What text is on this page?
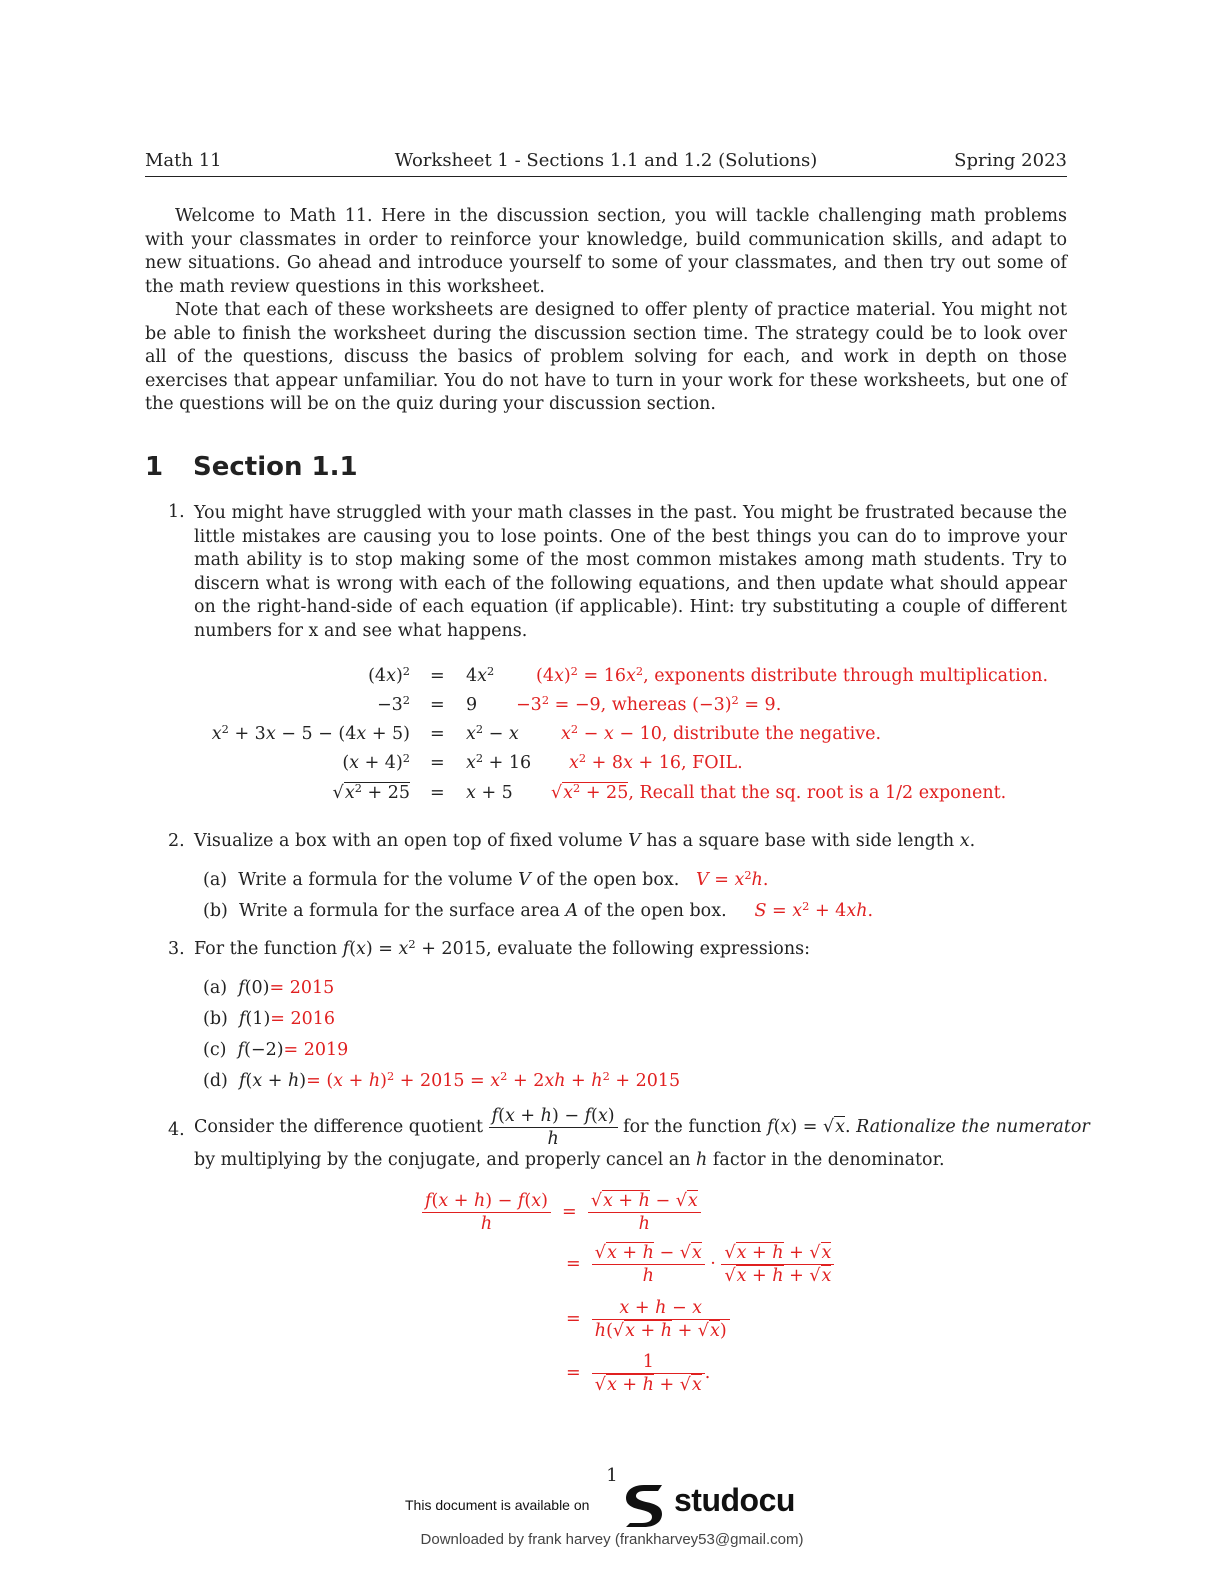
Math 11	Worksheet 1 - Sections 1.1 and 1.2 (Solutions)	Spring 2023
Welcome to Math 11. Here in the discussion section, you will tackle challenging math problems with your classmates in order to reinforce your knowledge, build communication skills, and adapt to new situations. Go ahead and introduce yourself to some of your classmates, and then try out some of the math review questions in this worksheet.
Note that each of these worksheets are designed to offer plenty of practice material. You might not be able to finish the worksheet during the discussion section time. The strategy could be to look over all of the questions, discuss the basics of problem solving for each, and work in depth on those exercises that appear unfamiliar. You do not have to turn in your work for these worksheets, but one of the questions will be on the quiz during your discussion section.
1 Section 1.1
1. You might have struggled with your math classes in the past. You might be frustrated because the little mistakes are causing you to lose points. One of the best things you can do to improve your math ability is to stop making some of the most common mistakes among math students. Try to discern what is wrong with each of the following equations, and then update what should appear on the right-hand-side of each equation (if applicable). Hint: try substituting a couple of different numbers for x and see what happens.
$(4x)^2 = 4x^2$ $(4x)^2 = 16x^2$, exponents distribute through multiplication.
$-3^2 = 9 -3^2 = -9$, whereas $(-3)^2 = 9$.
$x^2 + 3x - 5 - (4x + 5) = x^2 - x$ $x^2 - x - 10$, distribute the negative.
$(x + 4)^2 = x^2 + 16$ $x^2 + 8x + 16$, FOIL.
$√x^2 + 25 = x + 5$ $√x^2 + 25$, Recall that the sq. root is a 1/2 exponent.
2. Visualize a box with an open top of fixed volume V has a square base with side length x.
(a) Write a formula for the volume V of the open box. $V = x^2h$.
(b) Write a formula for the surface area A of the open box. $S = x^2 + 4xh$.
3. For the function $f(x) = x^2 + 2015$, evaluate the following expressions:
(a) f(0)= 2015
(b) f(1)= 2016
(c) f(−2)= 2019
(d) $f(x + h)= (x + h)^2 + 2015 = x^2 + 2xh + h^2 + 2015$
4. Consider the difference quotient $\frac{f(x + h) - f(x)}{h}$ for the function f(x) = √x. Rationalize the numerator
by multiplying by the conjugate, and properly cancel an h factor in the denominator.
$\frac{f(x + h) - f(x)}{h} = \frac{√x + h - √x}{h}$
= $\frac{√x + h - √x}{h} \cdot \frac{√x + h + √x}{√x + h + √x}$
= $\frac{x + h - x}{h(√x + h + √x)}$
= $\frac{1}{√x + h + √x}$ .
1
This document is available on	studocu
Downloaded by frank harvey (frankharvey53@gmail.com)
